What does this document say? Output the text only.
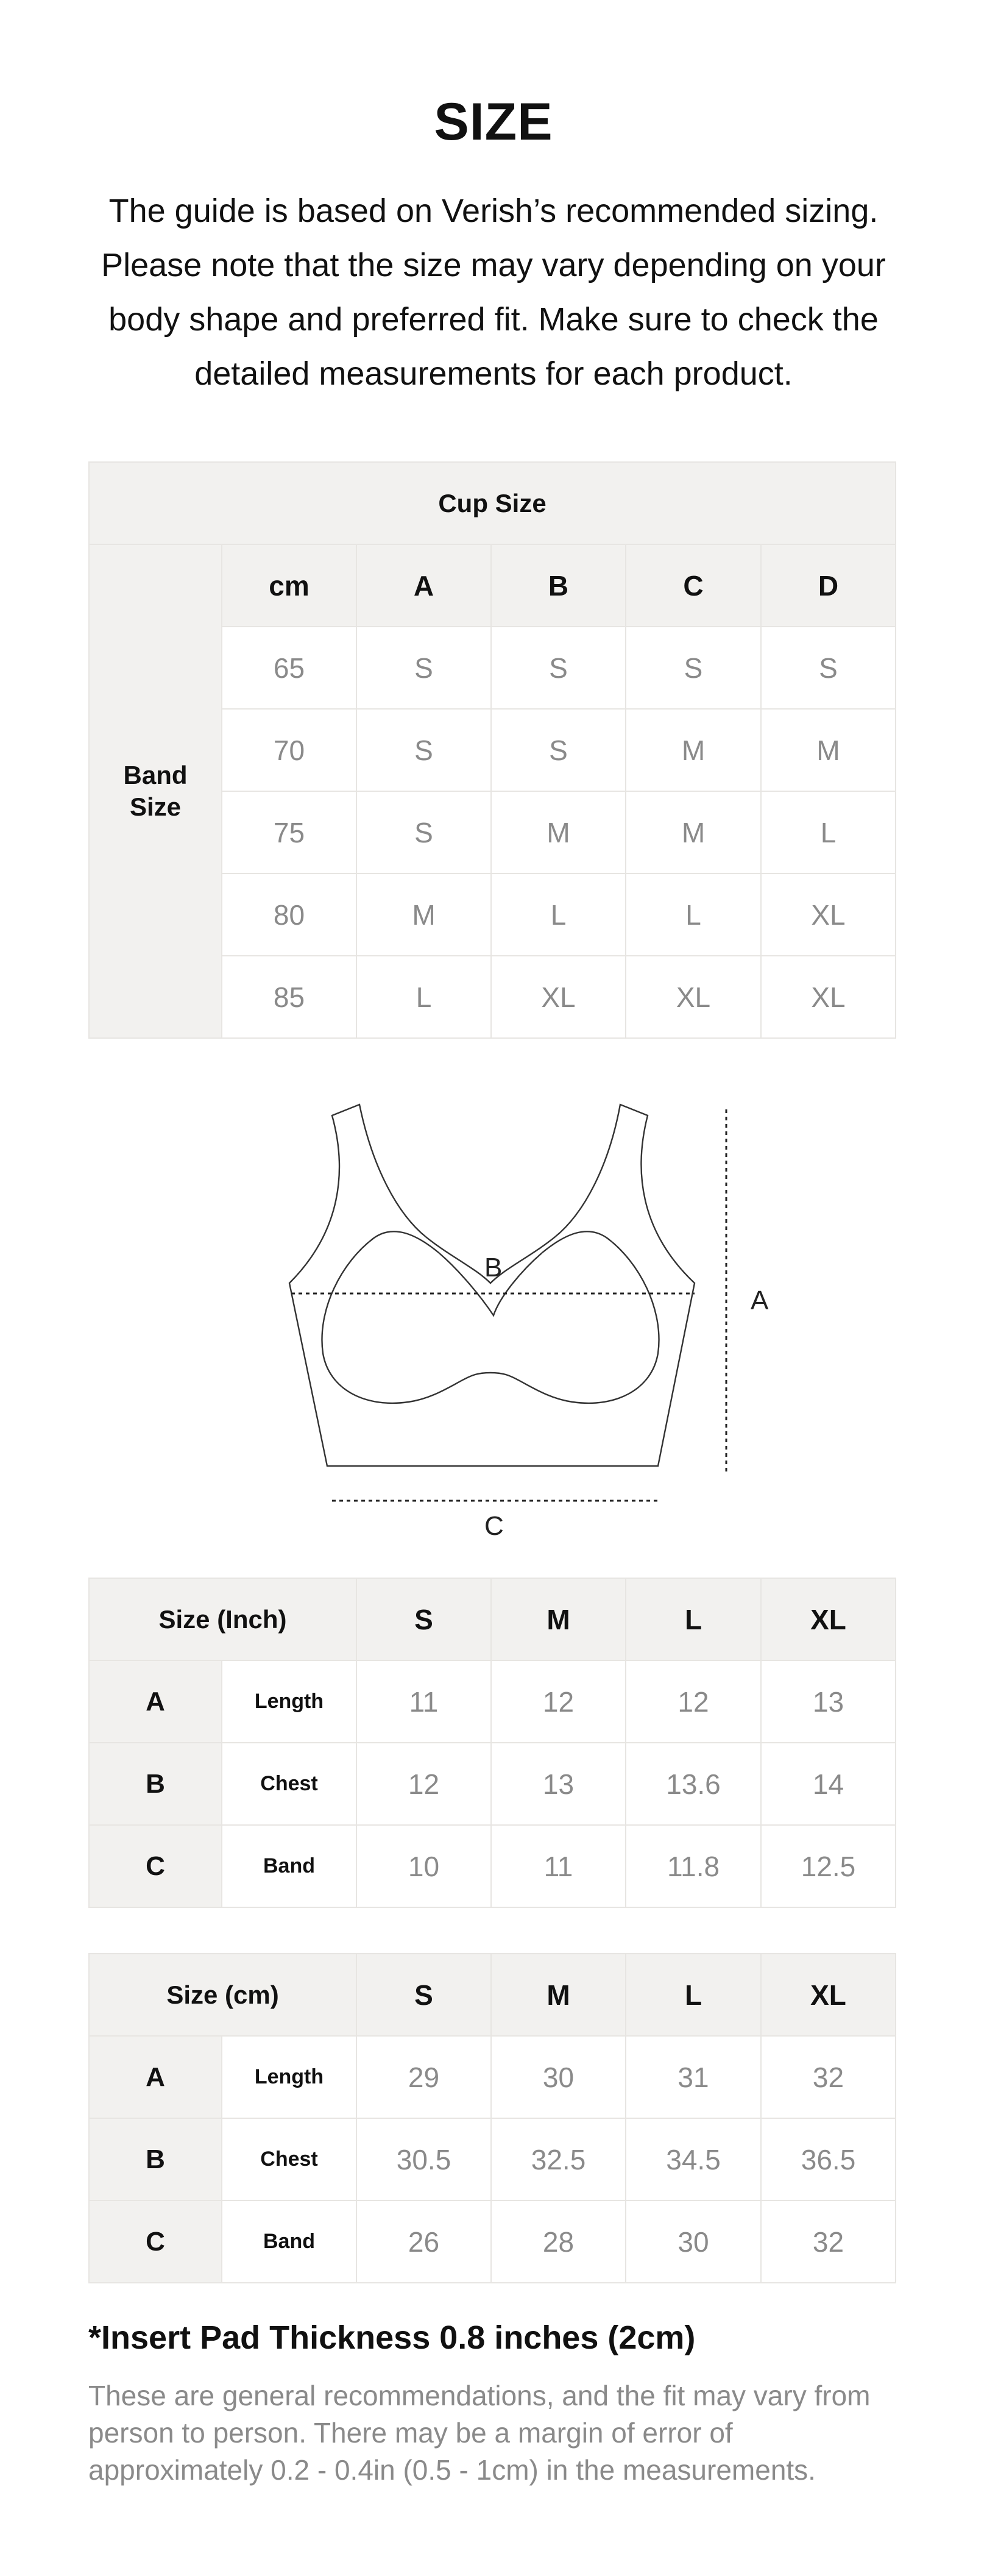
SIZE

The guide is based on Verish’s recommended sizing. Please note that the size may vary depending on your body shape and preferred fit. Make sure to check the detailed measurements for each product.

Cup Size					
Band Size	cm	A	B	C	D
	65	S	S	S	S
	70	S	S	M	M
	75	S	M	M	L
	80	M	L	L	XL
	85	L	XL	XL	XL
A
B
C
Size (Inch)		S	M	L	XL
A	Length	11	12	12	13
B	Chest	12	13	13.6	14
C	Band	10	11	11.8	12.5
Size (cm)		S	M	L	XL
A	Length	29	30	31	32
B	Chest	30.5	32.5	34.5	36.5
C	Band	26	28	30	32

*Insert Pad Thickness 0.8 inches (2cm)

These are general recommendations, and the fit may vary from person to person. There may be a margin of error of approximately 0.2 - 0.4in (0.5 - 1cm) in the measurements.
